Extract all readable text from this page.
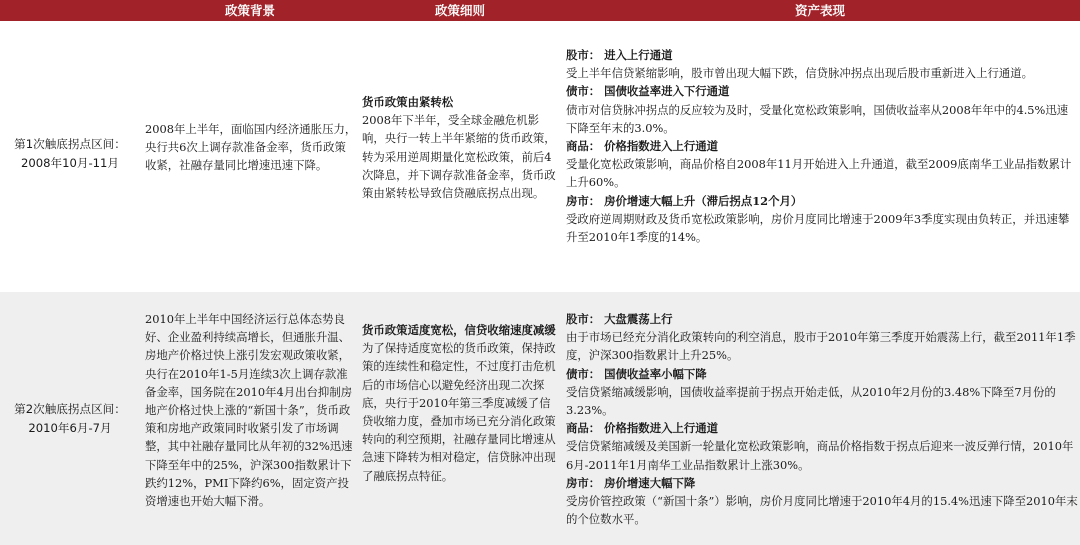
政策背景	政策细则	资产表现
第1次触底拐点区间：2008年10月-11月
2008年上半年，面临国内经济通胀压力，央行共6次上调存款准备金率，货币政策收紧，社融存量同比增速迅速下降。
货币政策由紧转松
2008年下半年，受全球金融危机影响，央行一转上半年紧缩的货币政策，转为采用逆周期量化宽松政策，前后4次降息，并下调存款准备金率，货币政策由紧转松导致信贷融底拐点出现。
股市： 进入上行通道
受上半年信贷紧缩影响，股市曾出现大幅下跌，信贷脉冲拐点出现后股市重新进入上行通道。
债市： 国债收益率进入下行通道
债市对信贷脉冲拐点的反应较为及时，受量化宽松政策影响，国债收益率从2008年年中的4.5%迅速下降至年末的3.0%。
商品： 价格指数进入上行通道
受量化宽松政策影响，商品价格自2008年11月开始进入上升通道，截至2009底南华工业品指数累计上升60%。
房市： 房价增速大幅上升（滞后拐点12个月）
受政府逆周期财政及货币宽松政策影响，房价月度同比增速于2009年3季度实现由负转正，并迅速攀升至2010年1季度的14%。
第2次触底拐点区间：2010年6月-7月
2010年上半年中国经济运行总体态势良好、企业盈利持续高增长，但通胀升温、房地产价格过快上涨引发宏观政策收紧，央行在2010年1-5月连续3次上调存款准备金率，国务院在2010年4月出台抑制房地产价格过快上涨的“新国十条”，货币政策和房地产政策同时收紧引发了市场调整，其中社融存量同比从年初的32%迅速下降至年中的25%，沪深300指数累计下跌约12%，PMI下降约6%，固定资产投资增速也开始大幅下滑。
货币政策适度宽松，信贷收缩速度减缓
为了保持适度宽松的货币政策，保持政策的连续性和稳定性，不过度打击危机后的市场信心以避免经济出现二次探底，央行于2010年第三季度减缓了信贷收缩力度，叠加市场已充分消化政策转向的利空预期，社融存量同比增速从急速下降转为相对稳定，信贷脉冲出现了融底拐点特征。
股市： 大盘震荡上行
由于市场已经充分消化政策转向的利空消息，股市于2010年第三季度开始震荡上行，截至2011年1季度，沪深300指数累计上升25%。
债市： 国债收益率小幅下降
受信贷紧缩减缓影响，国债收益率提前于拐点开始走低，从2010年2月份的3.48%下降至7月份的3.23%。
商品： 价格指数进入上行通道
受信贷紧缩减缓及美国新一轮量化宽松政策影响，商品价格指数于拐点后迎来一波反弹行情，2010年6月-2011年1月南华工业品指数累计上涨30%。
房市： 房价增速大幅下降
受房价管控政策（“新国十条”）影响，房价月度同比增速于2010年4月的15.4%迅速下降至2010年末的个位数水平。
